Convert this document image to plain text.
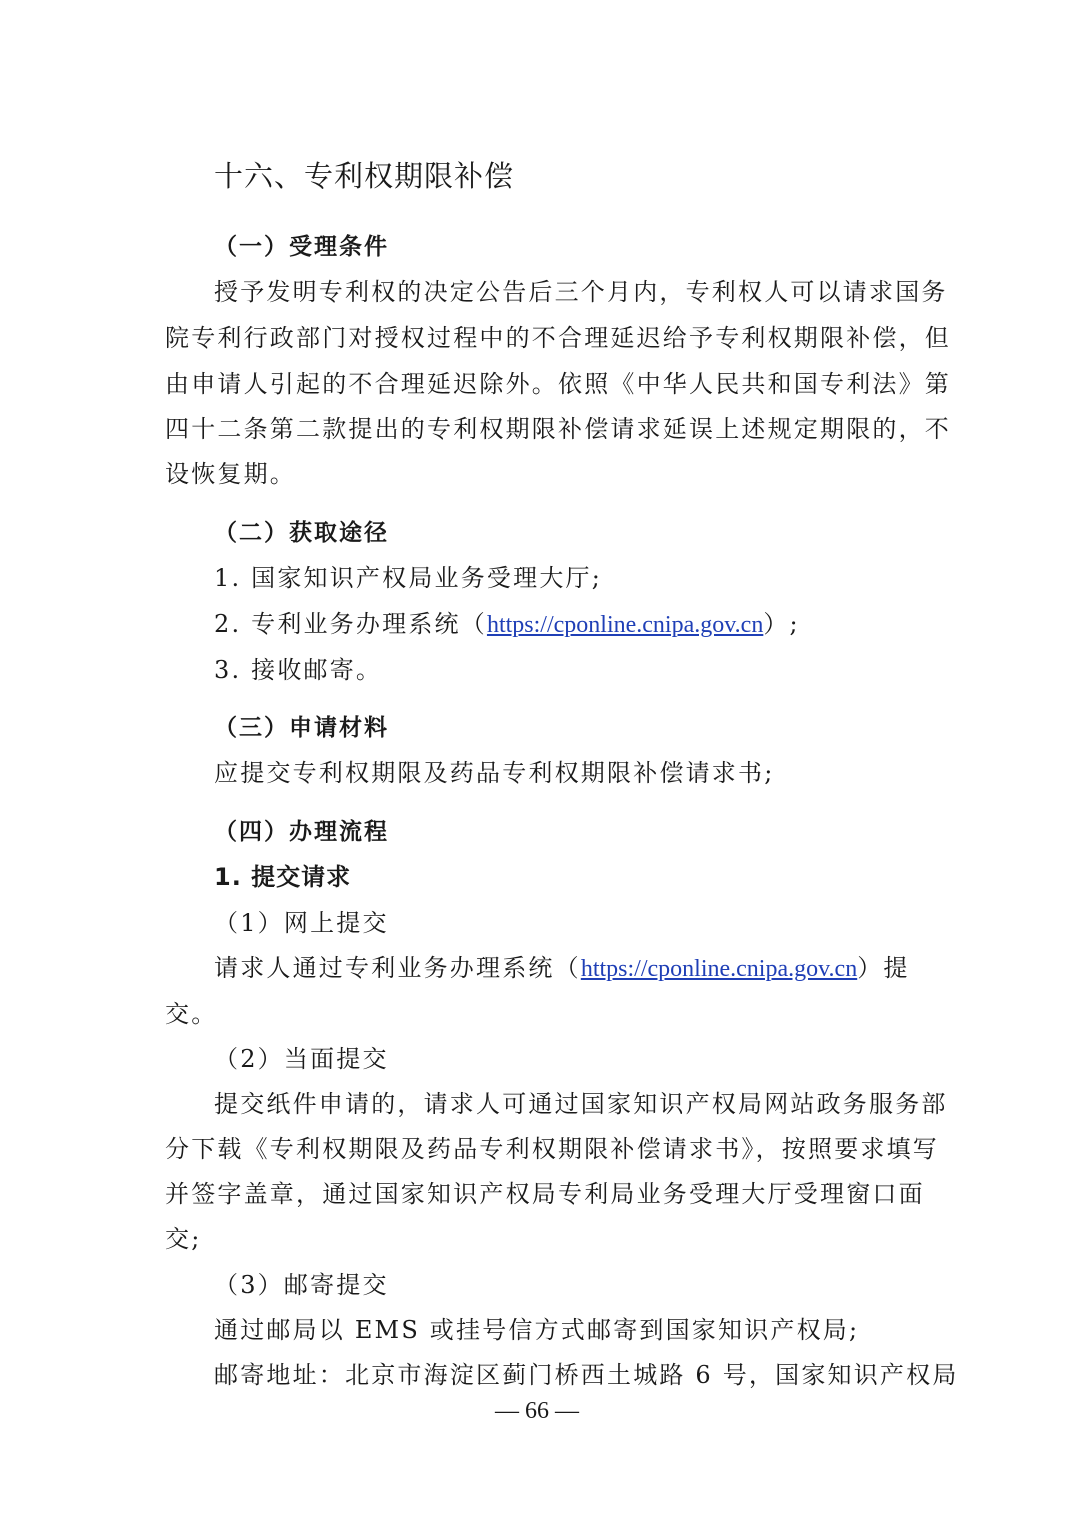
十六、专利权期限补偿
（一）受理条件
授予发明专利权的决定公告后三个月内，专利权人可以请求国务
院专利行政部门对授权过程中的不合理延迟给予专利权期限补偿，但
由申请人引起的不合理延迟除外。依照《中华人民共和国专利法》第
四十二条第二款提出的专利权期限补偿请求延误上述规定期限的，不
设恢复期。
（二）获取途径
1. 国家知识产权局业务受理大厅;
2. 专利业务办理系统（https://cponline.cnipa.gov.cn）;
3. 接收邮寄。
（三）申请材料
应提交专利权期限及药品专利权期限补偿请求书;
（四）办理流程
1. 提交请求
（1）网上提交
请求人通过专利业务办理系统（https://cponline.cnipa.gov.cn）提
交。
（2）当面提交
提交纸件申请的，请求人可通过国家知识产权局网站政务服务部
分下载《专利权期限及药品专利权期限补偿请求书》，按照要求填写
并签字盖章，通过国家知识产权局专利局业务受理大厅受理窗口面
交;
（3）邮寄提交
通过邮局以 EMS 或挂号信方式邮寄到国家知识产权局;
邮寄地址：北京市海淀区蓟门桥西土城路 6 号，国家知识产权局
— 66 —
